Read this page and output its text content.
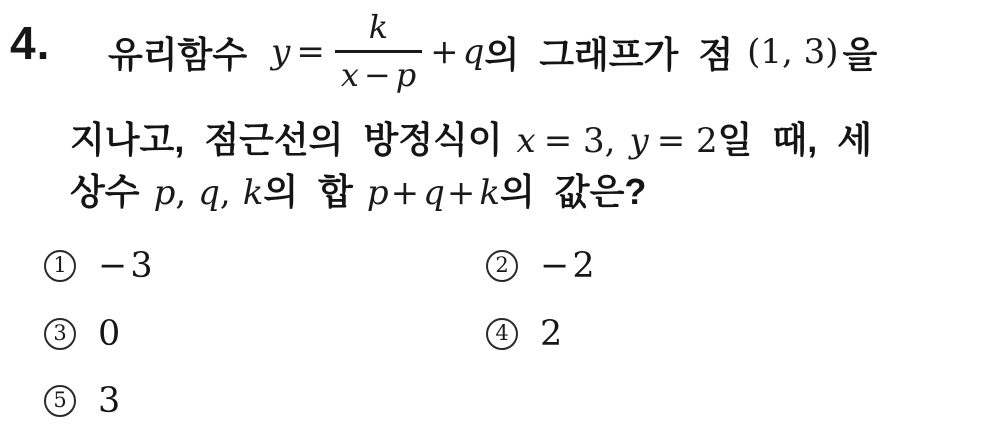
4. 유리함수 $y = \frac{k}{x - p} + q$ 의  그래프가  점 (1, 3) 을
지나고,  점근선의  방정식이 x = 3, y = 2 일  때,  세
상수 p , q , k 의  합 p + q + k 의  값은?
1 −3	2 −2
3 0	4 2
5 3
